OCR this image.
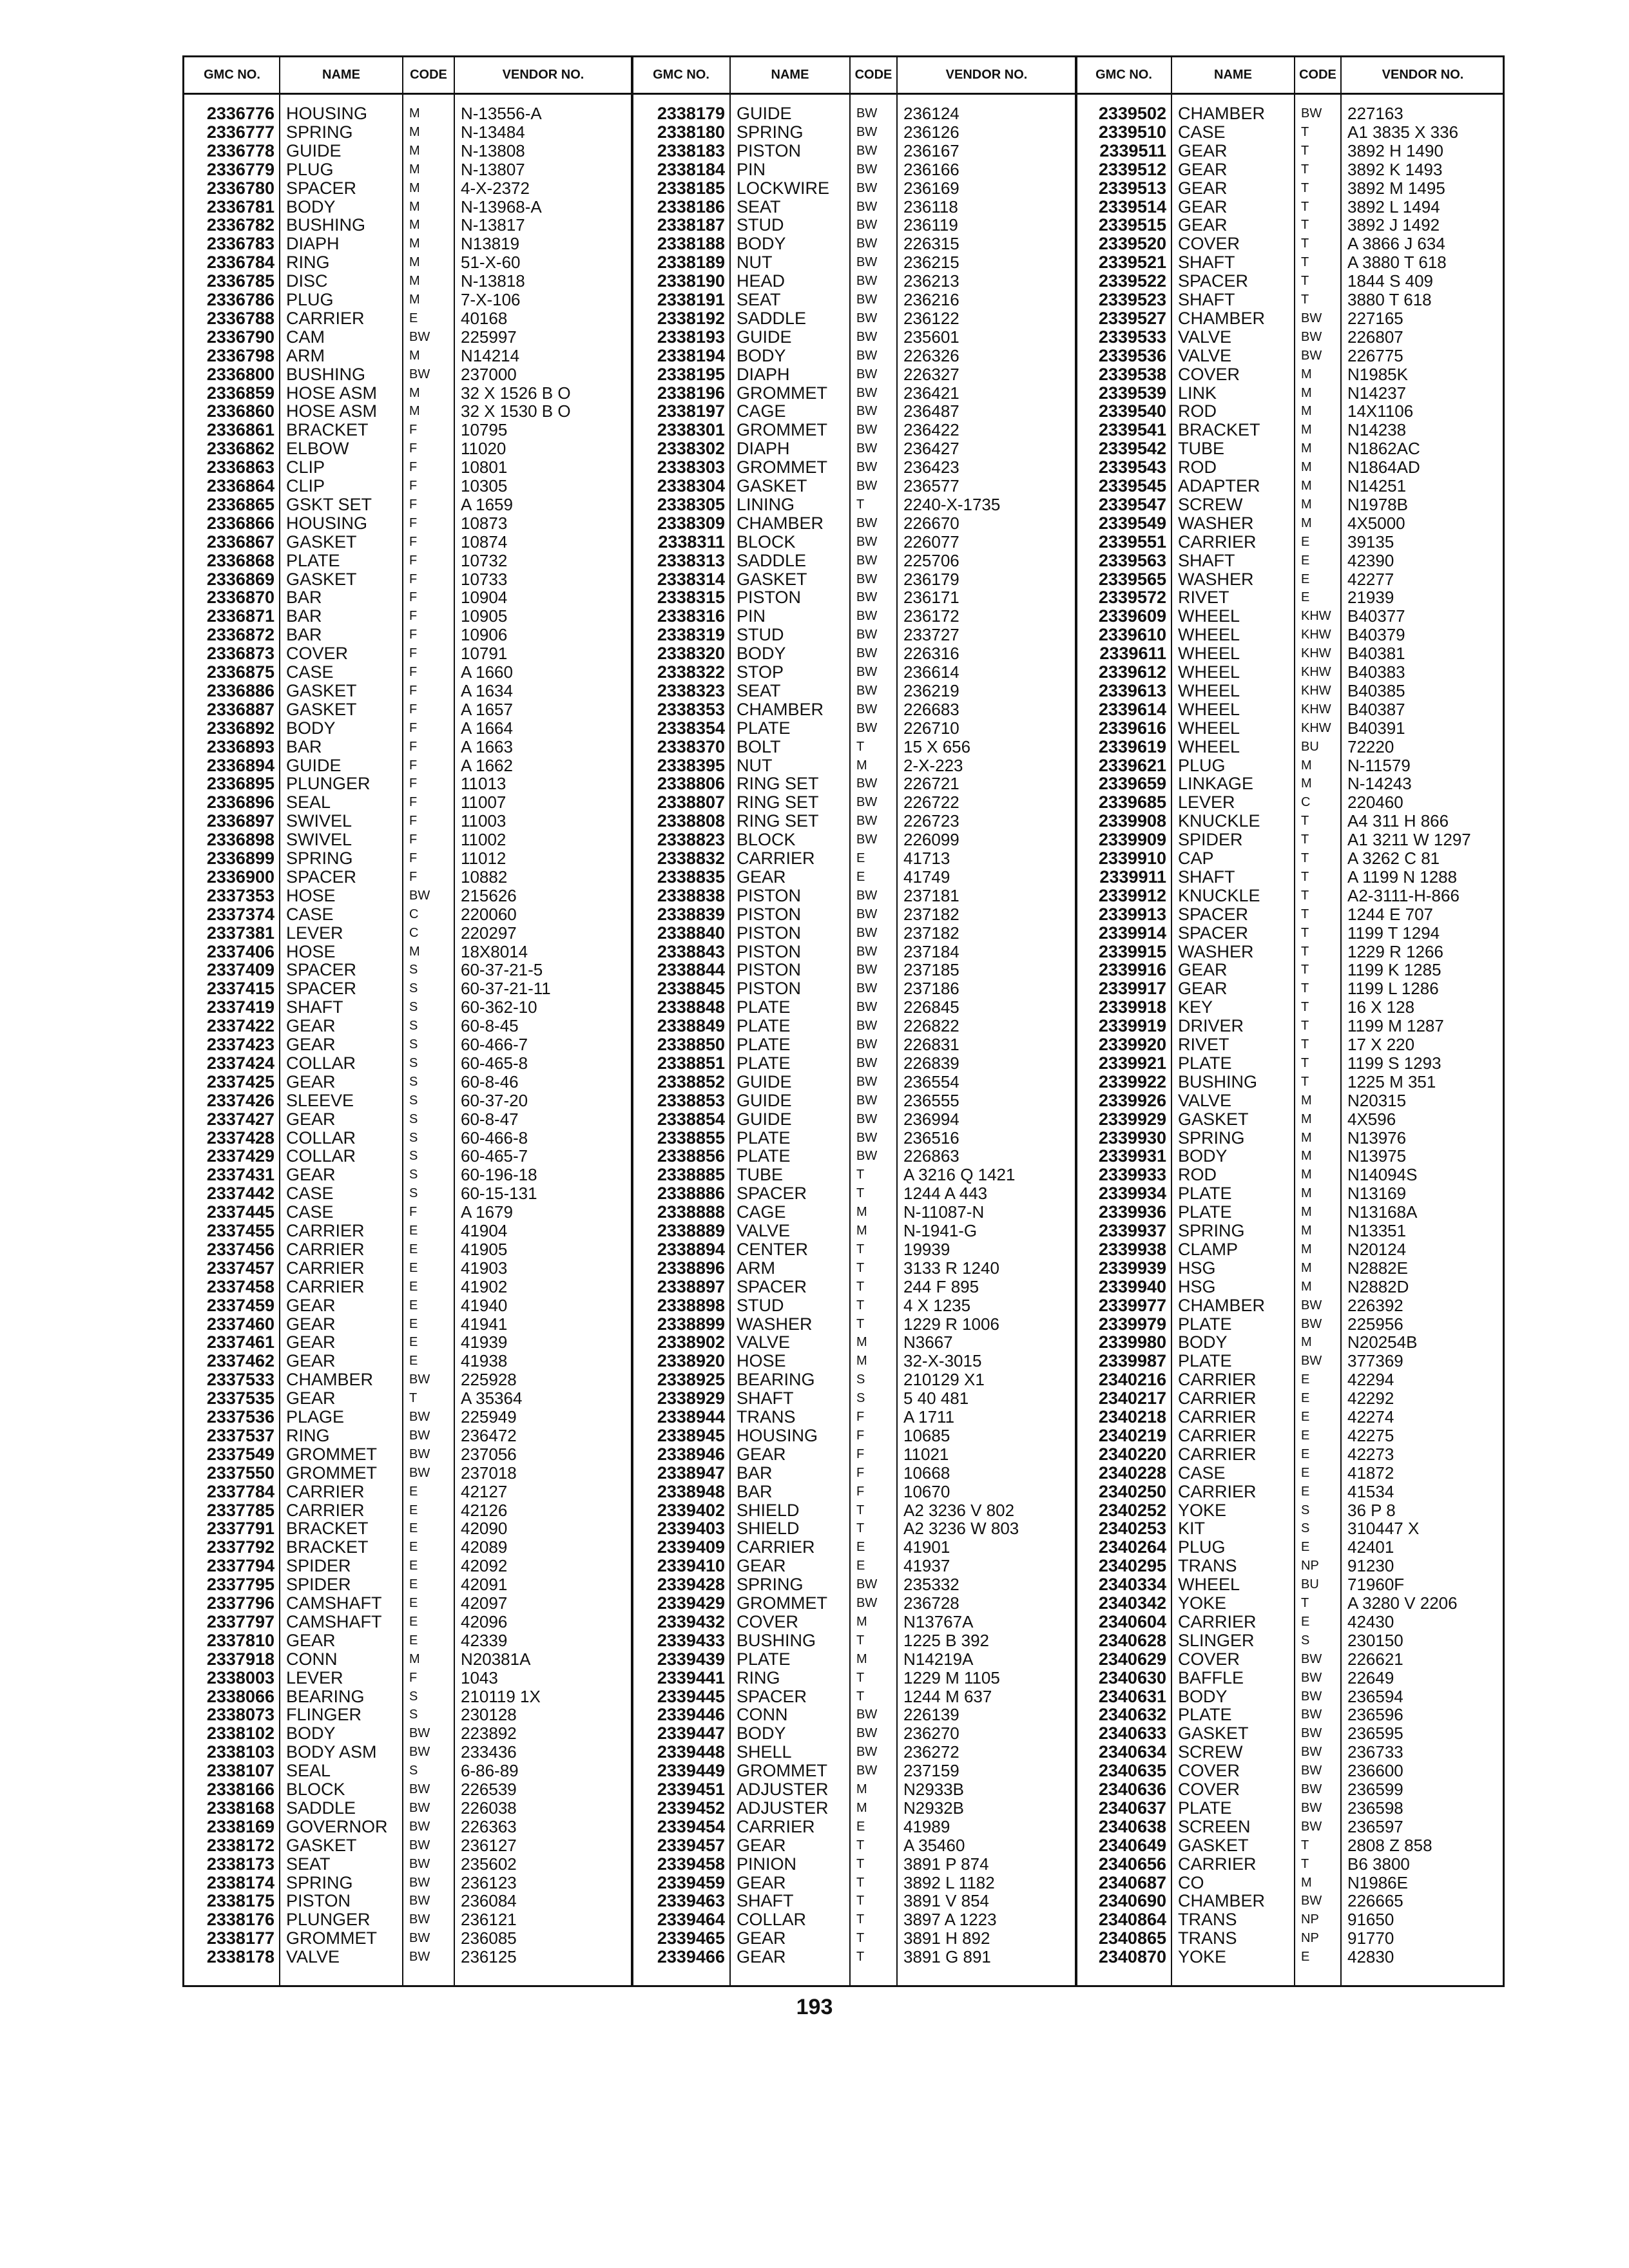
GMC NO.	NAME	CODE	VENDOR NO.
2336776 HOUSING	M	N-13556-A
2336777 SPRING	M	N-13484
2336778 GUIDE	M	N-13808
2336779 PLUG	M	N-13807
2336780 SPACER	M	4-X-2372
2336781 BODY	M	N-13968-A
2336782 BUSHING	M	N-13817
2336783 DIAPH	M	N13819
2336784 RING	M	51-X-60
2336785 DISC	M	N-13818
2336786 PLUG	M	7-X-106
2336788 CARRIER	E	40168
2336790 CAM	BW	225997
2336798 ARM	M	N14214
2336800 BUSHING	BW	237000
2336859 HOSE ASM	M	32 X 1526 B O
2336860 HOSE ASM	M	32 X 1530 B O
2336861 BRACKET	F	10795
2336862 ELBOW	F	11020
2336863 CLIP	F	10801
2336864 CLIP	F	10305
2336865 GSKT SET	F	A 1659
2336866 HOUSING	F	10873
2336867 GASKET	F	10874
2336868 PLATE	F	10732
2336869 GASKET	F	10733
2336870 BAR	F	10904
2336871 BAR	F	10905
2336872 BAR	F	10906
2336873 COVER	F	10791
2336875 CASE	F	A 1660
2336886 GASKET	F	A 1634
2336887 GASKET	F	A 1657
2336892 BODY	F	A 1664
2336893 BAR	F	A 1663
2336894 GUIDE	F	A 1662
2336895 PLUNGER	F	11013
2336896 SEAL	F	11007
2336897 SWIVEL	F	11003
2336898 SWIVEL	F	11002
2336899 SPRING	F	11012
2336900 SPACER	F	10882
2337353 HOSE	BW	215626
2337374 CASE	C	220060
2337381 LEVER	C	220297
2337406 HOSE	M	18X8014
2337409 SPACER	S	60-37-21-5
2337415 SPACER	S	60-37-21-11
2337419 SHAFT	S	60-362-10
2337422 GEAR	S	60-8-45
2337423 GEAR	S	60-466-7
2337424 COLLAR	S	60-465-8
2337425 GEAR	S	60-8-46
2337426 SLEEVE	S	60-37-20
2337427 GEAR	S	60-8-47
2337428 COLLAR	S	60-466-8
2337429 COLLAR	S	60-465-7
2337431 GEAR	S	60-196-18
2337442 CASE	S	60-15-131
2337445 CASE	F	A 1679
2337455 CARRIER	E	41904
2337456 CARRIER	E	41905
2337457 CARRIER	E	41903
2337458 CARRIER	E	41902
2337459 GEAR	E	41940
2337460 GEAR	E	41941
2337461 GEAR	E	41939
2337462 GEAR	E	41938
2337533 CHAMBER	BW	225928
2337535 GEAR	T	A 35364
2337536 PLAGE	BW	225949
2337537 RING	BW	236472
2337549 GROMMET	BW	237056
2337550 GROMMET	BW	237018
2337784 CARRIER	E	42127
2337785 CARRIER	E	42126
2337791 BRACKET	E	42090
2337792 BRACKET	E	42089
2337794 SPIDER	E	42092
2337795 SPIDER	E	42091
2337796 CAMSHAFT	E	42097
2337797 CAMSHAFT	E	42096
2337810 GEAR	E	42339
2337918 CONN	M	N20381A
2338003 LEVER	F	1043
2338066 BEARING	S	210119 1X
2338073 FLINGER	S	230128
2338102 BODY	BW	223892
2338103 BODY ASM	BW	233436
2338107 SEAL	S	6-86-89
2338166 BLOCK	BW	226539
2338168 SADDLE	BW	226038
2338169 GOVERNOR	BW	226363
2338172 GASKET	BW	236127
2338173 SEAT	BW	235602
2338174 SPRING	BW	236123
2338175 PISTON	BW	236084
2338176 PLUNGER	BW	236121
2338177 GROMMET	BW	236085
2338178 VALVE	BW	236125
GMC NO.	NAME	CODE	VENDOR NO.
2338179 GUIDE	BW	236124
2338180 SPRING	BW	236126
2338183 PISTON	BW	236167
2338184 PIN	BW	236166
2338185 LOCKWIRE	BW	236169
2338186 SEAT	BW	236118
2338187 STUD	BW	236119
2338188 BODY	BW	226315
2338189 NUT	BW	236215
2338190 HEAD	BW	236213
2338191 SEAT	BW	236216
2338192 SADDLE	BW	236122
2338193 GUIDE	BW	235601
2338194 BODY	BW	226326
2338195 DIAPH	BW	226327
2338196 GROMMET	BW	236421
2338197 CAGE	BW	236487
2338301 GROMMET	BW	236422
2338302 DIAPH	BW	236427
2338303 GROMMET	BW	236423
2338304 GASKET	BW	236577
2338305 LINING	T	2240-X-1735
2338309 CHAMBER	BW	226670
2338311 BLOCK	BW	226077
2338313 SADDLE	BW	225706
2338314 GASKET	BW	236179
2338315 PISTON	BW	236171
2338316 PIN	BW	236172
2338319 STUD	BW	233727
2338320 BODY	BW	226316
2338322 STOP	BW	236614
2338323 SEAT	BW	236219
2338353 CHAMBER	BW	226683
2338354 PLATE	BW	226710
2338370 BOLT	T	15 X 656
2338395 NUT	M	2-X-223
2338806 RING SET	BW	226721
2338807 RING SET	BW	226722
2338808 RING SET	BW	226723
2338823 BLOCK	BW	226099
2338832 CARRIER	E	41713
2338835 GEAR	E	41749
2338838 PISTON	BW	237181
2338839 PISTON	BW	237182
2338840 PISTON	BW	237182
2338843 PISTON	BW	237184
2338844 PISTON	BW	237185
2338845 PISTON	BW	237186
2338848 PLATE	BW	226845
2338849 PLATE	BW	226822
2338850 PLATE	BW	226831
2338851 PLATE	BW	226839
2338852 GUIDE	BW	236554
2338853 GUIDE	BW	236555
2338854 GUIDE	BW	236994
2338855 PLATE	BW	236516
2338856 PLATE	BW	226863
2338885 TUBE	T	A 3216 Q 1421
2338886 SPACER	T	1244 A 443
2338888 CAGE	M	N-11087-N
2338889 VALVE	M	N-1941-G
2338894 CENTER	T	19939
2338896 ARM	T	3133 R 1240
2338897 SPACER	T	244 F 895
2338898 STUD	T	4 X 1235
2338899 WASHER	T	1229 R 1006
2338902 VALVE	M	N3667
2338920 HOSE	M	32-X-3015
2338925 BEARING	S	210129 X1
2338929 SHAFT	S	5 40 481
2338944 TRANS	F	A 1711
2338945 HOUSING	F	10685
2338946 GEAR	F	11021
2338947 BAR	F	10668
2338948 BAR	F	10670
2339402 SHIELD	T	A2 3236 V 802
2339403 SHIELD	T	A2 3236 W 803
2339409 CARRIER	E	41901
2339410 GEAR	E	41937
2339428 SPRING	BW	235332
2339429 GROMMET	BW	236728
2339432 COVER	M	N13767A
2339433 BUSHING	T	1225 B 392
2339439 PLATE	M	N14219A
2339441 RING	T	1229 M 1105
2339445 SPACER	T	1244 M 637
2339446 CONN	BW	226139
2339447 BODY	BW	236270
2339448 SHELL	BW	236272
2339449 GROMMET	BW	237159
2339451 ADJUSTER	M	N2933B
2339452 ADJUSTER	M	N2932B
2339454 CARRIER	E	41989
2339457 GEAR	T	A 35460
2339458 PINION	T	3891 P 874
2339459 GEAR	T	3892 L 1182
2339463 SHAFT	T	3891 V 854
2339464 COLLAR	T	3897 A 1223
2339465 GEAR	T	3891 H 892
2339466 GEAR	T	3891 G 891
GMC NO.	NAME	CODE	VENDOR NO.
2339502 CHAMBER	BW	227163
2339510 CASE	T	A1 3835 X 336
2339511 GEAR	T	3892 H 1490
2339512 GEAR	T	3892 K 1493
2339513 GEAR	T	3892 M 1495
2339514 GEAR	T	3892 L 1494
2339515 GEAR	T	3892 J 1492
2339520 COVER	T	A 3866 J 634
2339521 SHAFT	T	A 3880 T 618
2339522 SPACER	T	1844 S 409
2339523 SHAFT	T	3880 T 618
2339527 CHAMBER	BW	227165
2339533 VALVE	BW	226807
2339536 VALVE	BW	226775
2339538 COVER	M	N1985K
2339539 LINK	M	N14237
2339540 ROD	M	14X1106
2339541 BRACKET	M	N14238
2339542 TUBE	M	N1862AC
2339543 ROD	M	N1864AD
2339545 ADAPTER	M	N14251
2339547 SCREW	M	N1978B
2339549 WASHER	M	4X5000
2339551 CARRIER	E	39135
2339563 SHAFT	E	42390
2339565 WASHER	E	42277
2339572 RIVET	E	21939
2339609 WHEEL	KHW B40377
2339610 WHEEL	KHW B40379
2339611 WHEEL	KHW B40381
2339612 WHEEL	KHW B40383
2339613 WHEEL	KHW B40385
2339614 WHEEL	KHW B40387
2339616 WHEEL	KHW B40391
2339619 WHEEL	BU	72220
2339621 PLUG	M	N-11579
2339659 LINKAGE	M	N-14243
2339685 LEVER	C	220460
2339908 KNUCKLE	T	A4 311 H 866
2339909 SPIDER	T	A1 3211 W 1297
2339910 CAP	T	A 3262 C 81
2339911 SHAFT	T	A 1199 N 1288
2339912 KNUCKLE	T	A2-3111-H-866
2339913 SPACER	T	1244 E 707
2339914 SPACER	T	1199 T 1294
2339915 WASHER	T	1229 R 1266
2339916 GEAR	T	1199 K 1285
2339917 GEAR	T	1199 L 1286
2339918 KEY	T	16 X 128
2339919 DRIVER	T	1199 M 1287
2339920 RIVET	T	17 X 220
2339921 PLATE	T	1199 S 1293
2339922 BUSHING	T	1225 M 351
2339926 VALVE	M	N20315
2339929 GASKET	M	4X596
2339930 SPRING	M	N13976
2339931 BODY	M	N13975
2339933 ROD	M	N14094S
2339934 PLATE	M	N13169
2339936 PLATE	M	N13168A
2339937 SPRING	M	N13351
2339938 CLAMP	M	N20124
2339939 HSG	M	N2882E
2339940 HSG	M	N2882D
2339977 CHAMBER	BW	226392
2339979 PLATE	BW	225956
2339980 BODY	M	N20254B
2339987 PLATE	BW	377369
2340216 CARRIER	E	42294
2340217 CARRIER	E	42292
2340218 CARRIER	E	42274
2340219 CARRIER	E	42275
2340220 CARRIER	E	42273
2340228 CASE	E	41872
2340250 CARRIER	E	41534
2340252 YOKE	S	36 P 8
2340253 KIT	S	310447 X
2340264 PLUG	E	42401
2340295 TRANS	NP	91230
2340334 WHEEL	BU	71960F
2340342 YOKE	T	A 3280 V 2206
2340604 CARRIER	E	42430
2340628 SLINGER	S	230150
2340629 COVER	BW	226621
2340630 BAFFLE	BW	22649
2340631 BODY	BW	236594
2340632 PLATE	BW	236596
2340633 GASKET	BW	236595
2340634 SCREW	BW	236733
2340635 COVER	BW	236600
2340636 COVER	BW	236599
2340637 PLATE	BW	236598
2340638 SCREEN	BW	236597
2340649 GASKET	T	2808 Z 858
2340656 CARRIER	T	B6 3800
2340687 CO	M	N1986E
2340690 CHAMBER	BW	226665
2340864 TRANS	NP	91650
2340865 TRANS	NP	91770
2340870 YOKE	E	42830
193
